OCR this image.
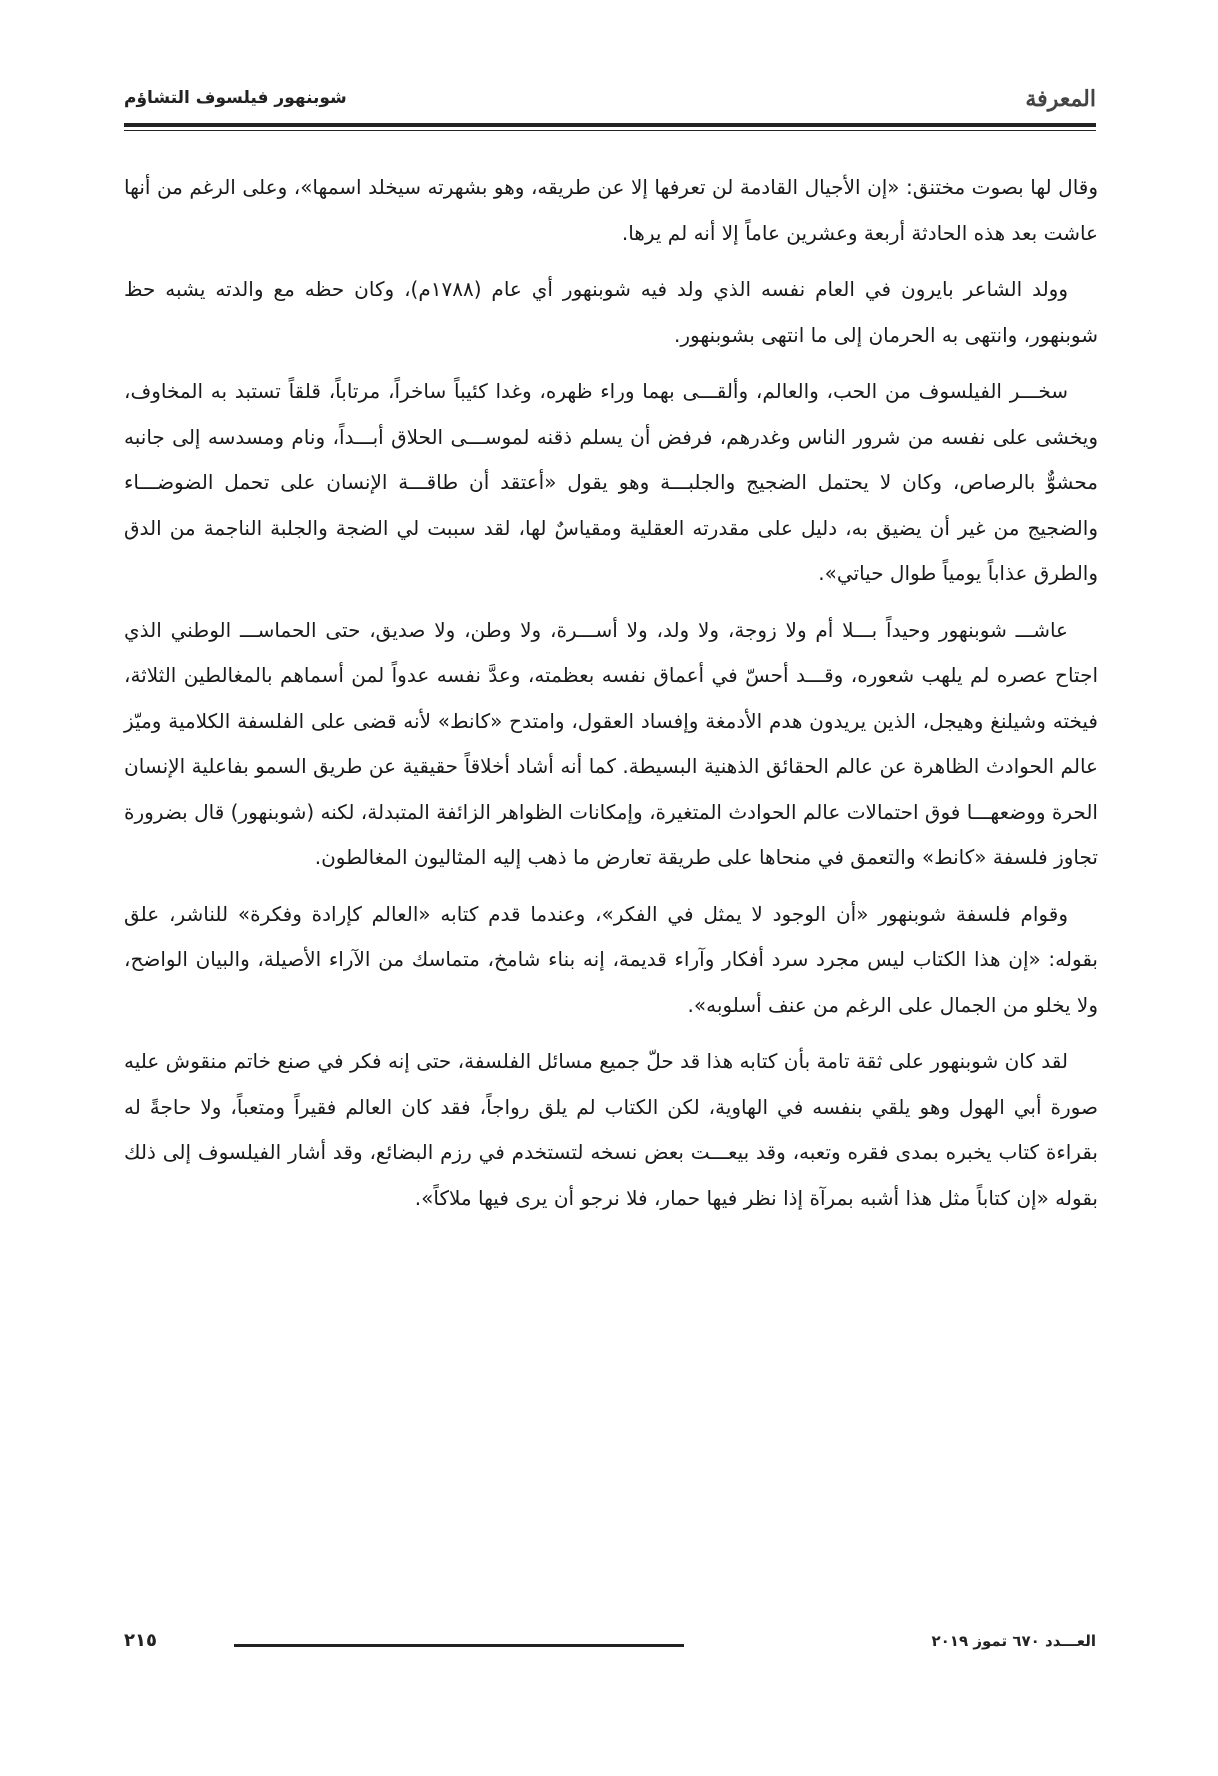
المعرفة
شوبنهور فيلسوف التشاؤم

وقال لها بصوت مختنق: «إن الأجيال القادمة لن تعرفها إلا عن طريقه، وهو بشهرته سيخلد اسمها»، وعلى الرغم من أنها عاشت بعد هذه الحادثة أربعة وعشرين عاماً إلا أنه لم يرها.

وولد الشاعر بايرون في العام نفسه الذي ولد فيه شوبنهور أي عام (١٧٨٨م)، وكان حظه مع والدته يشبه حظ شوبنهور، وانتهى به الحرمان إلى ما انتهى بشوبنهور.

سخـــر الفيلسوف من الحب، والعالم، وألقـــى بهما وراء ظهره، وغدا كئيباً ساخراً، مرتاباً، قلقاً تستبد به المخاوف، ويخشى على نفسه من شرور الناس وغدرهم، فرفض أن يسلم ذقنه لموســـى الحلاق أبـــداً، ونام ومسدسه إلى جانبه محشوٌّ بالرصاص، وكان لا يحتمل الضجيج والجلبـــة وهو يقول «أعتقد أن طاقـــة الإنسان على تحمل الضوضـــاء والضجيج من غير أن يضيق به، دليل على مقدرته العقلية ومقياسٌ لها، لقد سببت لي الضجة والجلبة الناجمة من الدق والطرق عذاباً يومياً طوال حياتي».

عاشـــ شوبنهور وحيداً بـــلا أم ولا زوجة، ولا ولد، ولا أســـرة، ولا وطن، ولا صديق، حتى الحماســـ الوطني الذي اجتاح عصره لم يلهب شعوره، وقـــد أحسّ في أعماق نفسه بعظمته، وعدَّ نفسه عدواً لمن أسماهم بالمغالطين الثلاثة، فيخته وشيلنغ وهيجل، الذين يريدون هدم الأدمغة وإفساد العقول، وامتدح «كانط» لأنه قضى على الفلسفة الكلامية وميّز عالم الحوادث الظاهرة عن عالم الحقائق الذهنية البسيطة. كما أنه أشاد أخلاقاً حقيقية عن طريق السمو بفاعلية الإنسان الحرة ووضعهـــا فوق احتمالات عالم الحوادث المتغيرة، وإمكانات الظواهر الزائفة المتبدلة، لكنه (شوبنهور) قال بضرورة تجاوز فلسفة «كانط» والتعمق في منحاها على طريقة تعارض ما ذهب إليه المثاليون المغالطون.

وقوام فلسفة شوبنهور «أن الوجود لا يمثل في الفكر»، وعندما قدم كتابه «العالم كإرادة وفكرة» للناشر، علق بقوله: «إن هذا الكتاب ليس مجرد سرد أفكار وآراء قديمة، إنه بناء شامخ، متماسك من الآراء الأصيلة، والبيان الواضح، ولا يخلو من الجمال على الرغم من عنف أسلوبه».

لقد كان شوبنهور على ثقة تامة بأن كتابه هذا قد حلّ جميع مسائل الفلسفة، حتى إنه فكر في صنع خاتم منقوش عليه صورة أبي الهول وهو يلقي بنفسه في الهاوية، لكن الكتاب لم يلق رواجاً، فقد كان العالم فقيراً ومتعباً، ولا حاجةً له بقراءة كتاب يخبره بمدى فقره وتعبه، وقد بيعـــت بعض نسخه لتستخدم في رزم البضائع، وقد أشار الفيلسوف إلى ذلك بقوله «إن كتاباً مثل هذا أشبه بمرآة إذا نظر فيها حمار، فلا نرجو أن يرى فيها ملاكاً».

العـــدد ٦٧٠ تموز ٢٠١٩
٢١٥
